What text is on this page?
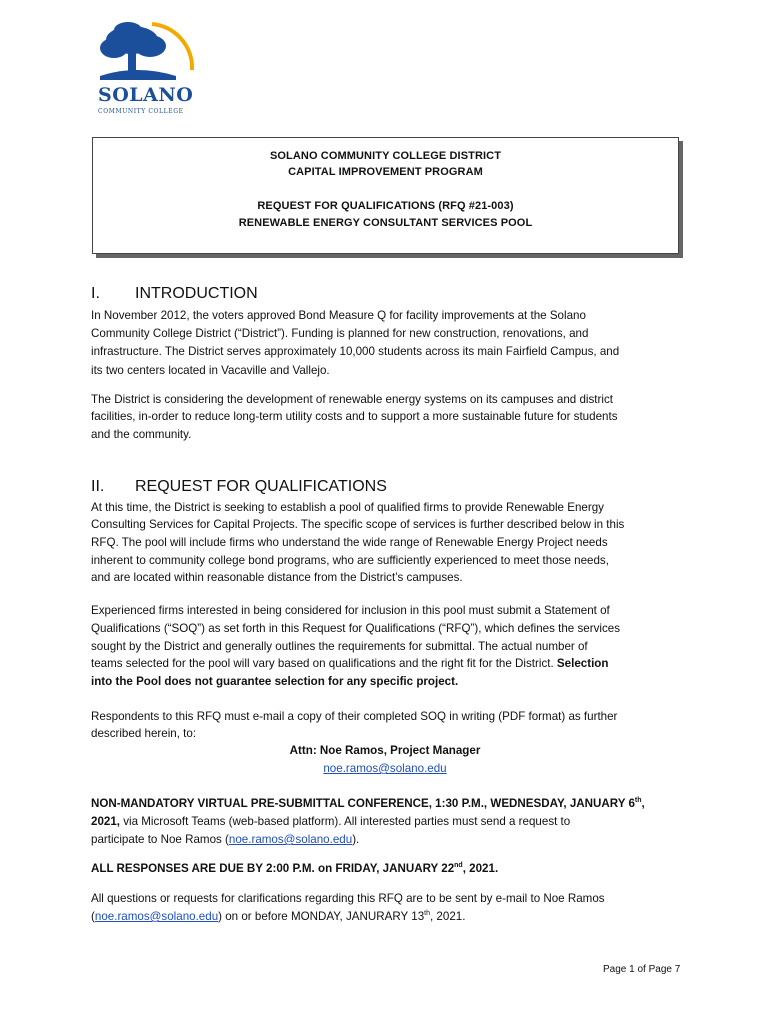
SOLANO
COMMUNITY COLLEGE
SOLANO COMMUNITY COLLEGE DISTRICT
CAPITAL IMPROVEMENT PROGRAM
REQUEST FOR QUALIFICATIONS (RFQ #21-003)
RENEWABLE ENERGY CONSULTANT SERVICES POOL
I. INTRODUCTION
In November 2012, the voters approved Bond Measure Q for facility improvements at the Solano
Community College District (“District”). Funding is planned for new construction, renovations, and
infrastructure. The District serves approximately 10,000 students across its main Fairfield Campus, and
its two centers located in Vacaville and Vallejo.
The District is considering the development of renewable energy systems on its campuses and district
facilities, in-order to reduce long-term utility costs and to support a more sustainable future for students
and the community.
II. REQUEST FOR QUALIFICATIONS
At this time, the District is seeking to establish a pool of qualified firms to provide Renewable Energy
Consulting Services for Capital Projects. The specific scope of services is further described below in this
RFQ. The pool will include firms who understand the wide range of Renewable Energy Project needs
inherent to community college bond programs, who are sufficiently experienced to meet those needs,
and are located within reasonable distance from the District’s campuses.
Experienced firms interested in being considered for inclusion in this pool must submit a Statement of
Qualifications (“SOQ”) as set forth in this Request for Qualifications (“RFQ”), which defines the services
sought by the District and generally outlines the requirements for submittal. The actual number of
teams selected for the pool will vary based on qualifications and the right fit for the District. Selection
into the Pool does not guarantee selection for any specific project.
Respondents to this RFQ must e-mail a copy of their completed SOQ in writing (PDF format) as further
described herein, to:
Attn: Noe Ramos, Project Manager
noe.ramos@solano.edu
NON-MANDATORY VIRTUAL PRE-SUBMITTAL CONFERENCE, 1:30 P.M., WEDNESDAY, JANUARY 6th,
2021, via Microsoft Teams (web-based platform). All interested parties must send a request to
participate to Noe Ramos (noe.ramos@solano.edu).
ALL RESPONSES ARE DUE BY 2:00 P.M. on FRIDAY, JANUARY 22nd, 2021.
All questions or requests for clarifications regarding this RFQ are to be sent by e-mail to Noe Ramos
(noe.ramos@solano.edu) on or before MONDAY, JANURARY 13th, 2021.
Page 1 of Page 7
